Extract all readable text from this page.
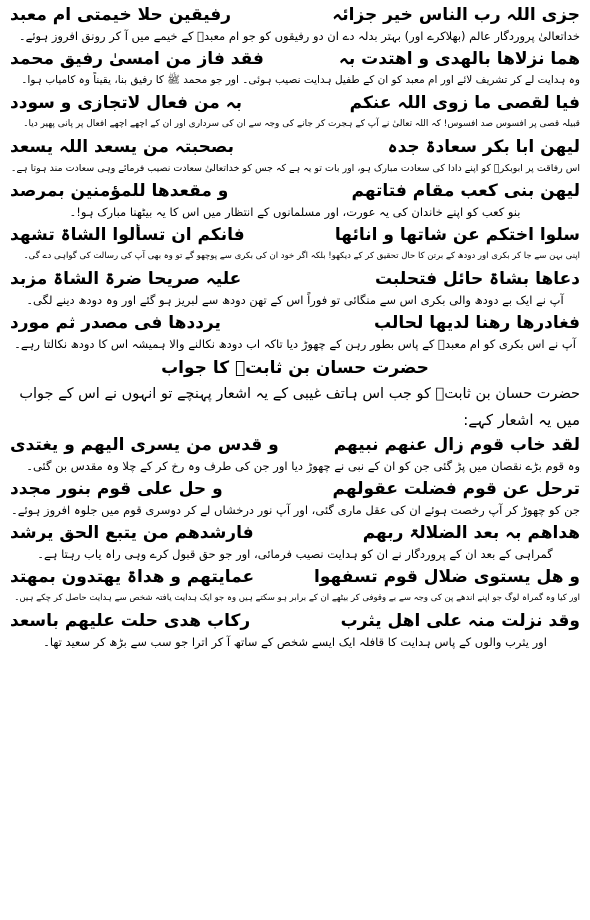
جزی اللہ رب الناس خیر جزائہ
رفیقین حلا خیمتی ام معبد
خداتعالیٰ پروردگار عالم (بھلاکرے اور) بہتر بدلہ دے ان دو رفیقوں کو جو ام معبدؓ کے خیمے میں آ کر رونق افروز ہوئے۔
ھما نزلاھا بالھدی و اھتدت بہ
فقد فاز من امسیٰ رفیق محمد
وہ ہدایت لے کر تشریف لائے اور ام معبد کو ان کے طفیل ہدایت نصیب ہوئی۔ اور جو محمد ﷺ کا رفیق بنا، یقیناً وہ کامیاب ہوا۔
فیا لقصی ما زوی اللہ عنکم
بہ من فعال لاتجازی و سودد
قبیلہ قصی پر افسوس صد افسوس! کہ اللہ تعالیٰ نے آپ کے ہجرت کر جانے کی وجہ سے ان کی سرداری اور ان کے اچھے اچھے افعال پر پانی پھیر دیا۔
لیھن ابا بکر سعادۃ جدہ
بصحبتہ من یسعد اللہ یسعد
اس رفاقت پر ابوبکرؓ کو اپنے دادا کی سعادت مبارک ہو، اور بات تو یہ ہے کہ جس کو خداتعالیٰ سعادت نصیب فرمائے وہی سعادت مند ہوتا ہے۔
لیھن بنی کعب مقام فتاتھم
و مقعدھا للمؤمنین بمرصد
بنو کعب کو اپنے خاندان کی یہ عورت، اور مسلمانوں کے انتظار میں اس کا یہ بیٹھنا مبارک ہو!۔
سلوا اختکم عن شاتھا و انائھا
فانکم ان تسألوا الشاۃ تشھد
اپنی بہن سے جا کر بکری اور دودھ کے برتن کا حال تحقیق کر کے دیکھو! بلکہ اگر خود ان کی بکری سے پوچھو گے تو وہ بھی آپ کی رسالت کی گواہی دے گی۔
دعاھا بشاۃ حائل فتحلبت
علیہ صریحا ضرۃ الشاۃ مزبد
آپ نے ایک بے دودھ والی بکری اس سے منگائی تو فوراً اس کے تھن دودھ سے لبریز ہو گئے اور وہ دودھ دینے لگی۔
فغادرھا رھنا لدیھا لحالب
یرددھا فی مصدر ثم مورد
آپ نے اس بکری کو ام معبدؓ کے پاس بطور رہن کے چھوڑ دیا تاکہ اب دودھ نکالنے والا ہمیشہ اس کا دودھ نکالتا رہے۔
حضرت حسان بن ثابتؓ کا جواب
حضرت حسان بن ثابتؓ کو جب اس ہاتف غیبی کے یہ اشعار پہنچے تو انہوں نے اس کے جواب
میں یہ اشعار کہے:
لقد خاب قوم زال عنھم نبیھم
و قدس من یسری الیھم و یغتدی
وہ قوم بڑے نقصان میں پڑ گئی جن کو ان کے نبی نے چھوڑ دیا اور جن کی طرف وہ رخ کر کے چلا وہ مقدس بن گئی۔
ترحل عن قوم فضلت عقولھم
و حل علی قوم بنور مجدد
جن کو چھوڑ کر آپ رخصت ہوئے ان کی عقل ماری گئی، اور آپ نور درخشاں لے کر دوسری قوم میں جلوہ افروز ہوئے۔
ھداھم بہ بعد الضلالۃ ربھم
فارشدھم من یتبع الحق یرشد
گمراہی کے بعد ان کے پروردگار نے ان کو ہدایت نصیب فرمائی، اور جو حق قبول کرے وہی راہ یاب رہتا ہے۔
و ھل یستوی ضلال قوم تسفھوا
عمایتھم و ھداۃ یھتدون بمھتد
اور کیا وہ گمراہ لوگ جو اپنے اندھے پن کی وجہ سے بے وقوفی کر بیٹھے ان کے برابر ہو سکتے ہیں وہ جو ایک ہدایت یافتہ شخص سے ہدایت حاصل کر چکے ہیں۔
وقد نزلت منہ علی اھل یثرب
رکاب ھدی حلت علیھم باسعد
اور یثرب والوں کے پاس ہدایت کا قافلہ ایک ایسے شخص کے ساتھ آ کر اترا جو سب سے بڑھ کر سعید تھا۔
